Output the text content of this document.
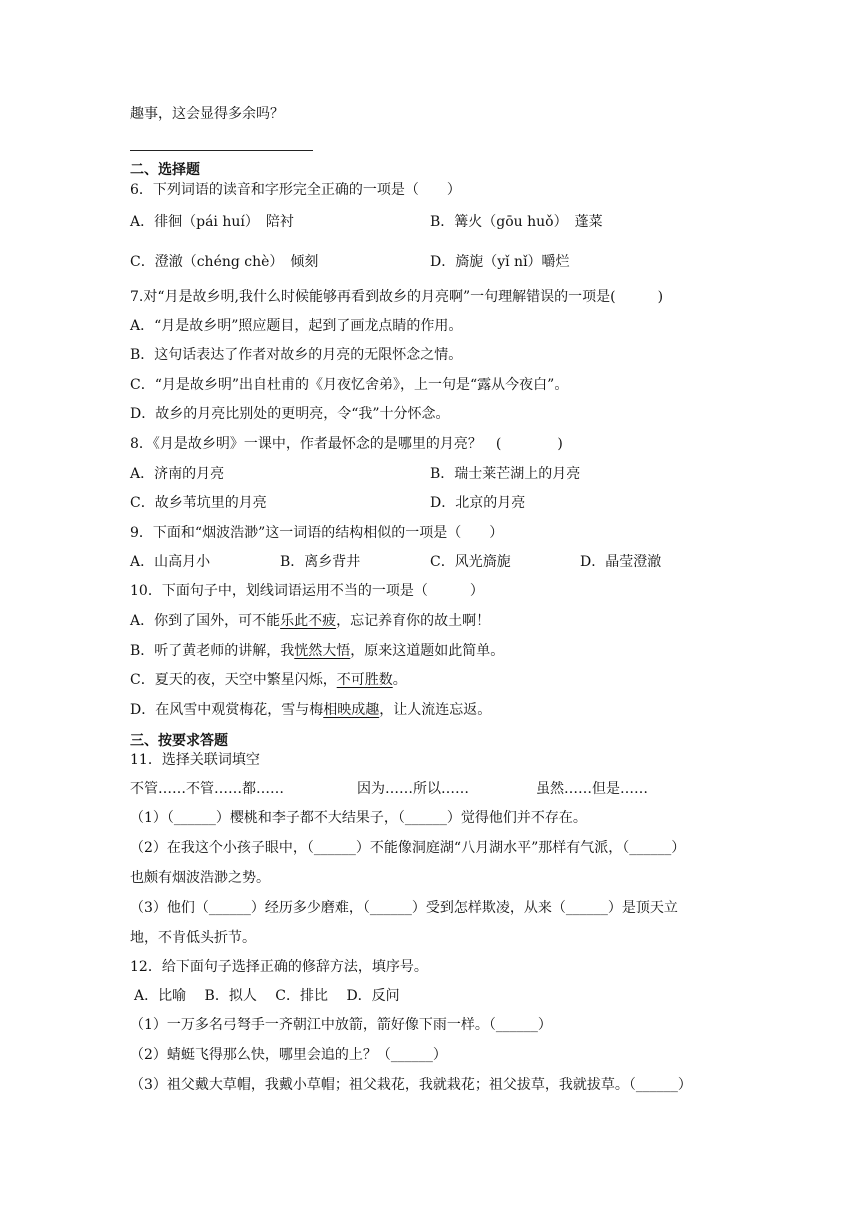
趣事，这会显得多余吗？
二、选择题
6．下列词语的读音和字形完全正确的一项是（　　）
A．徘徊（pái huí）　陪衬	B．篝火（gōu huǒ）　蓬菜
C．澄澈（chéng chè）　倾刻	D．旖旎（yǐ nǐ）嚼烂
7.对“月是故乡明,我什么时候能够再看到故乡的月亮啊”一句理解错误的一项是(　　　)
A．“月是故乡明”照应题目，起到了画龙点睛的作用。
B．这句话表达了作者对故乡的月亮的无限怀念之情。
C．“月是故乡明”出自杜甫的《月夜忆舍弟》，上一句是“露从今夜白”。
D．故乡的月亮比别处的更明亮，令“我”十分怀念。
8．《月是故乡明》一课中，作者最怀念的是哪里的月亮？　(　　　　)
A．济南的月亮	B．瑞士莱芒湖上的月亮
C．故乡苇坑里的月亮	D．北京的月亮
9．下面和“烟波浩渺”这一词语的结构相似的一项是（　　）
A．山高月小	B．离乡背井	C．风光旖旎	D．晶莹澄澈
10．下面句子中，划线词语运用不当的一项是（　　　）
A．你到了国外，可不能乐此不疲，忘记养育你的故土啊！
B．听了黄老师的讲解，我恍然大悟，原来这道题如此简单。
C．夏天的夜，天空中繁星闪烁，不可胜数。
D．在风雪中观赏梅花，雪与梅相映成趣，让人流连忘返。
三、按要求答题
11．选择关联词填空
不管……不管……都……	因为……所以……	虽然……但是……
（1）（______）樱桃和李子都不大结果子，（______）觉得他们并不存在。
（2）在我这个小孩子眼中，（______）不能像洞庭湖“八月湖水平”那样有气派，（______）
也颇有烟波浩渺之势。
（3）他们（______）经历多少磨难，（______）受到怎样欺凌，从来（______）是顶天立
地，不肯低头折节。
12．给下面句子选择正确的修辞方法，填序号。
A．比喻　 B．拟人　 C．排比　 D．反问
（1）一万多名弓弩手一齐朝江中放箭，箭好像下雨一样。（______）
（2）蜻蜓飞得那么快，哪里会追的上？（______）
（3）祖父戴大草帽，我戴小草帽；祖父栽花，我就栽花；祖父拔草，我就拔草。（______）
